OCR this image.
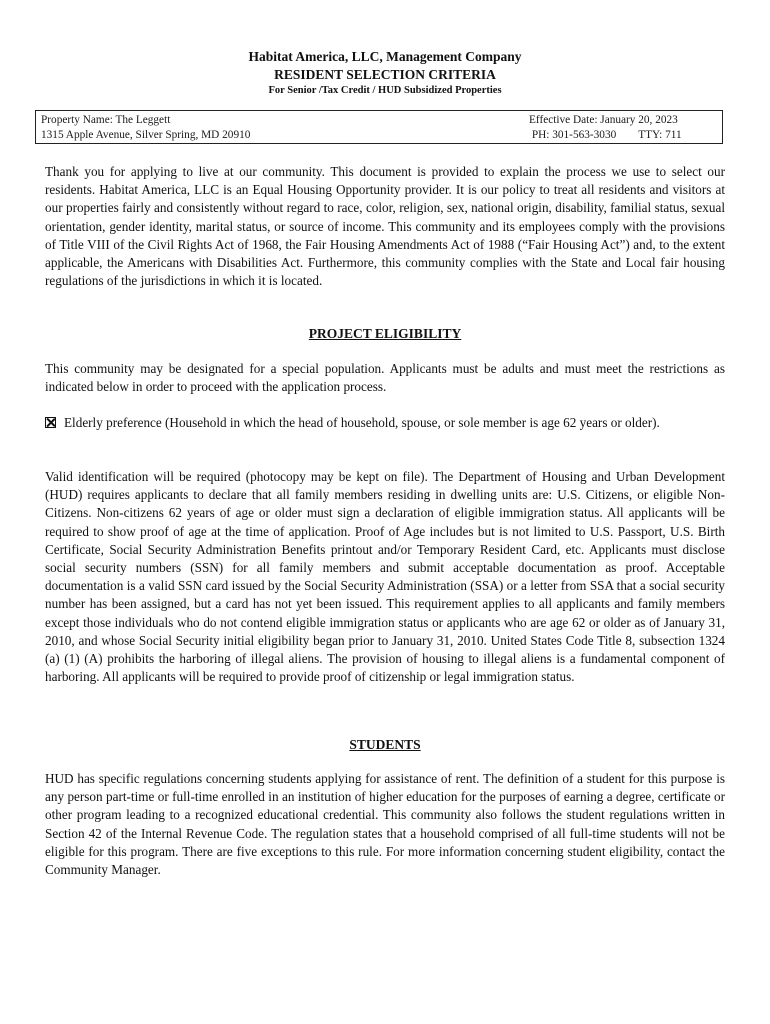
Habitat America, LLC, Management Company
RESIDENT SELECTION CRITERIA
For Senior /Tax Credit / HUD Subsidized Properties
Property Name: The Leggett
1315 Apple Avenue, Silver Spring, MD 20910
Effective Date: January 20, 2023
PH: 301-563-3030 TTY: 711

Thank you for applying to live at our community. This document is provided to explain the process we use to select our residents. Habitat America, LLC is an Equal Housing Opportunity provider. It is our policy to treat all residents and visitors at our properties fairly and consistently without regard to race, color, religion, sex, national origin, disability, familial status, sexual orientation, gender identity, marital status, or source of income. This community and its employees comply with the provisions of Title VIII of the Civil Rights Act of 1968, the Fair Housing Amendments Act of 1988 (“Fair Housing Act”) and, to the extent applicable, the Americans with Disabilities Act. Furthermore, this community complies with the State and Local fair housing regulations of the jurisdictions in which it is located.

PROJECT ELIGIBILITY

This community may be designated for a special population. Applicants must be adults and must meet the restrictions as indicated below in order to proceed with the application process.

Elderly preference (Household in which the head of household, spouse, or sole member is age 62 years or older).

Valid identification will be required (photocopy may be kept on file). The Department of Housing and Urban Development (HUD) requires applicants to declare that all family members residing in dwelling units are: U.S. Citizens, or eligible Non-Citizens. Non-citizens 62 years of age or older must sign a declaration of eligible immigration status. All applicants will be required to show proof of age at the time of application. Proof of Age includes but is not limited to U.S. Passport, U.S. Birth Certificate, Social Security Administration Benefits printout and/or Temporary Resident Card, etc. Applicants must disclose social security numbers (SSN) for all family members and submit acceptable documentation as proof. Acceptable documentation is a valid SSN card issued by the Social Security Administration (SSA) or a letter from SSA that a social security number has been assigned, but a card has not yet been issued. This requirement applies to all applicants and family members except those individuals who do not contend eligible immigration status or applicants who are age 62 or older as of January 31, 2010, and whose Social Security initial eligibility began prior to January 31, 2010. United States Code Title 8, subsection 1324 (a) (1) (A) prohibits the harboring of illegal aliens. The provision of housing to illegal aliens is a fundamental component of harboring. All applicants will be required to provide proof of citizenship or legal immigration status.

STUDENTS

HUD has specific regulations concerning students applying for assistance of rent. The definition of a student for this purpose is any person part-time or full-time enrolled in an institution of higher education for the purposes of earning a degree, certificate or other program leading to a recognized educational credential. This community also follows the student regulations written in Section 42 of the Internal Revenue Code. The regulation states that a household comprised of all full-time students will not be eligible for this program. There are five exceptions to this rule. For more information concerning student eligibility, contact the Community Manager.
